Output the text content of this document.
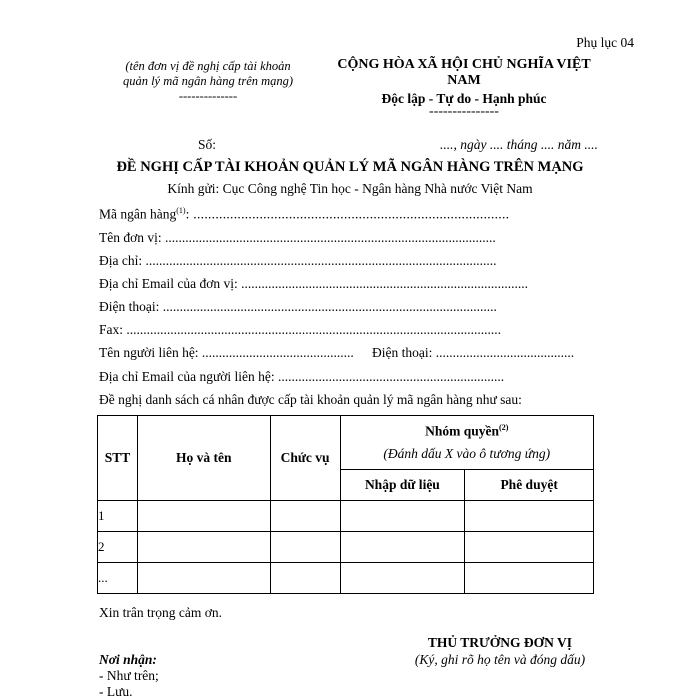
Phụ lục 04
(tên đơn vị đề nghị cấp tài khoản
quản lý mã ngân hàng trên mạng)
--------------
CỘNG HÒA XÃ HỘI CHỦ NGHĨA VIỆT
NAM
Độc lập - Tự do - Hạnh phúc
---------------
Số:	...., ngày .... tháng .... năm ....
ĐỀ NGHỊ CẤP TÀI KHOẢN QUẢN LÝ MÃ NGÂN HÀNG TRÊN MẠNG
Kính gửi: Cục Công nghệ Tin học - Ngân hàng Nhà nước Việt Nam
Mã ngân hàng$^{(1)}$: ......................................................................................
Tên đơn vị: ..................................................................................................
Địa chỉ: ........................................................................................................
Địa chỉ Email của đơn vị: .....................................................................................
Điện thoại: ...................................................................................................
Fax: ...............................................................................................................
Tên người liên hệ: ............................................. Điện thoại: .........................................
Địa chỉ Email của người liên hệ: ...................................................................
Đề nghị danh sách cá nhân được cấp tài khoản quản lý mã ngân hàng như sau:
STT	Họ và tên	Chức vụ	Nhóm quyền$^{(2)}$
(Đánh dấu X vào ô tương ứng)	

			Nhập dữ liệu	Phê duyệt
1				
2				
...				
Xin trân trọng cảm ơn.
THỦ TRƯỞNG ĐƠN VỊ
(Ký, ghi rõ họ tên và đóng dấu)
Nơi nhận:
- Như trên;
- Lưu.
